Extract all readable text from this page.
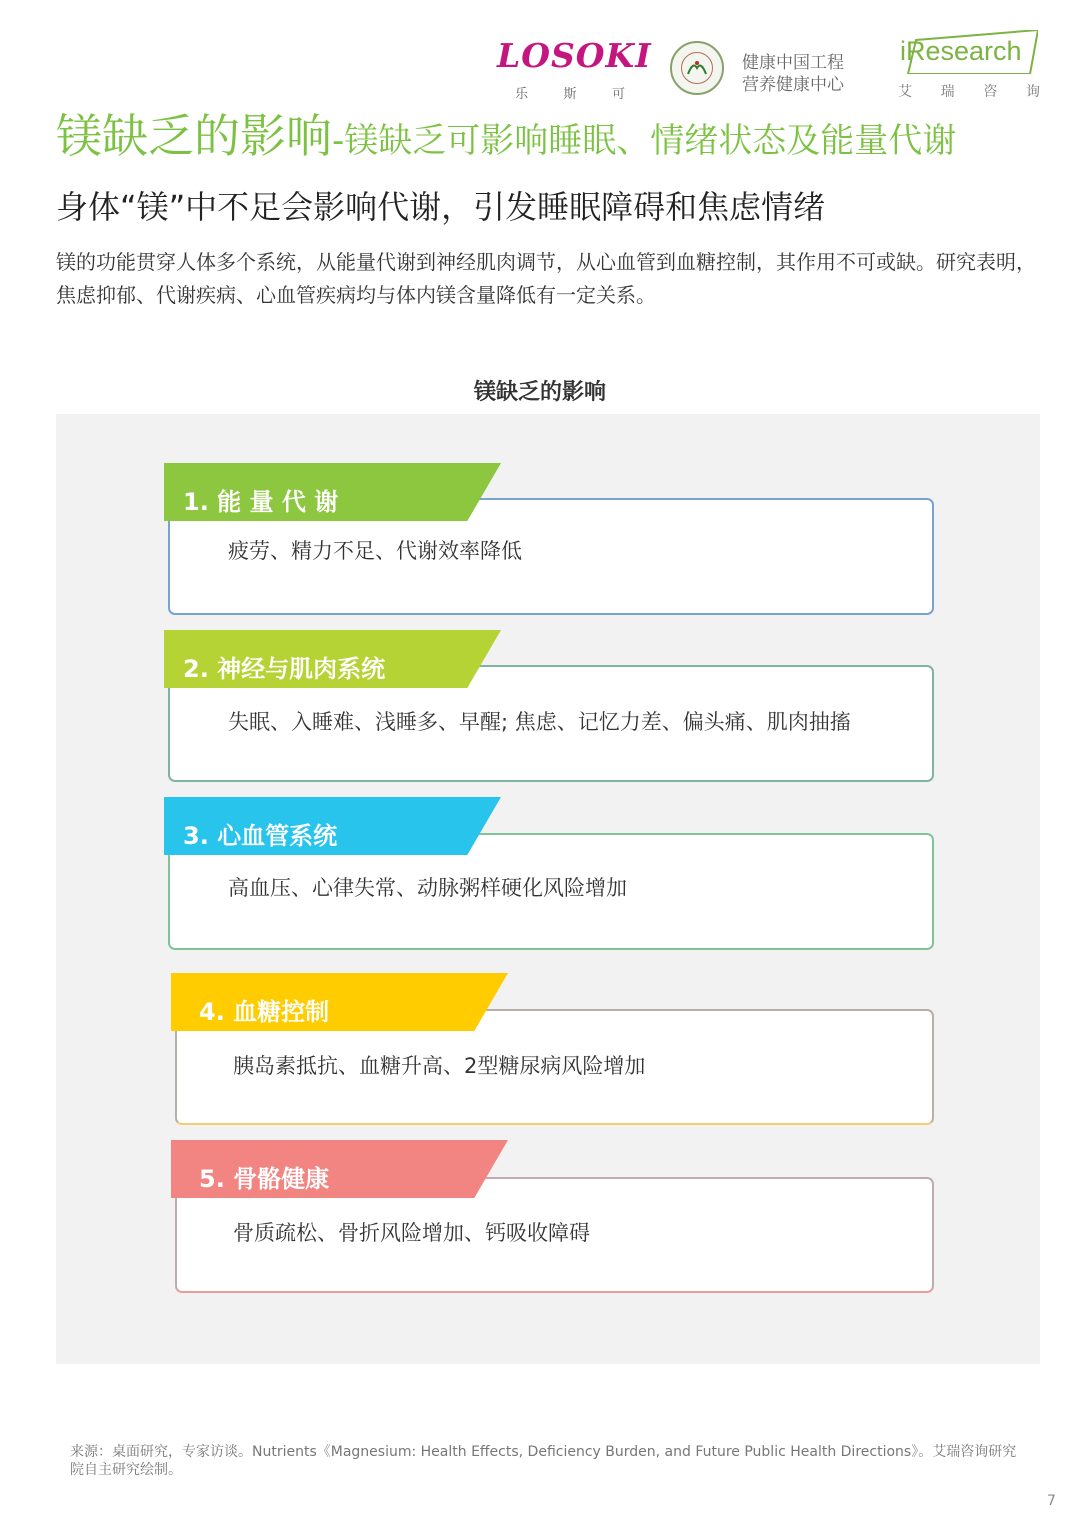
LOSOKI
乐	斯	可
健康中国工程
营养健康中心
iResearch
艾 瑞 咨 询
镁缺乏的影响-镁缺乏可影响睡眠、情绪状态及能量代谢
身体“镁”中不足会影响代谢，引发睡眠障碍和焦虑情绪
镁的功能贯穿人体多个系统，从能量代谢到神经肌肉调节，从心血管到血糖控制，其作用不可或缺。研究表明，焦虑抑郁、代谢疾病、心血管疾病均与体内镁含量降低有一定关系。
镁缺乏的影响
1. 能 量 代 谢
疲劳、精力不足、代谢效率降低
2. 神经与肌肉系统
失眠、入睡难、浅睡多、早醒; 焦虑、记忆力差、偏头痛、肌肉抽搐
3. 心血管系统
高血压、心律失常、动脉粥样硬化风险增加
4. 血糖控制
胰岛素抵抗、血糖升高、2型糖尿病风险增加
5. 骨骼健康
骨质疏松、骨折风险增加、钙吸收障碍
来源：桌面研究，专家访谈。Nutrients《Magnesium: Health Effects, Deficiency Burden, and Future Public Health Directions》。艾瑞咨询研究院自主研究绘制。
7
